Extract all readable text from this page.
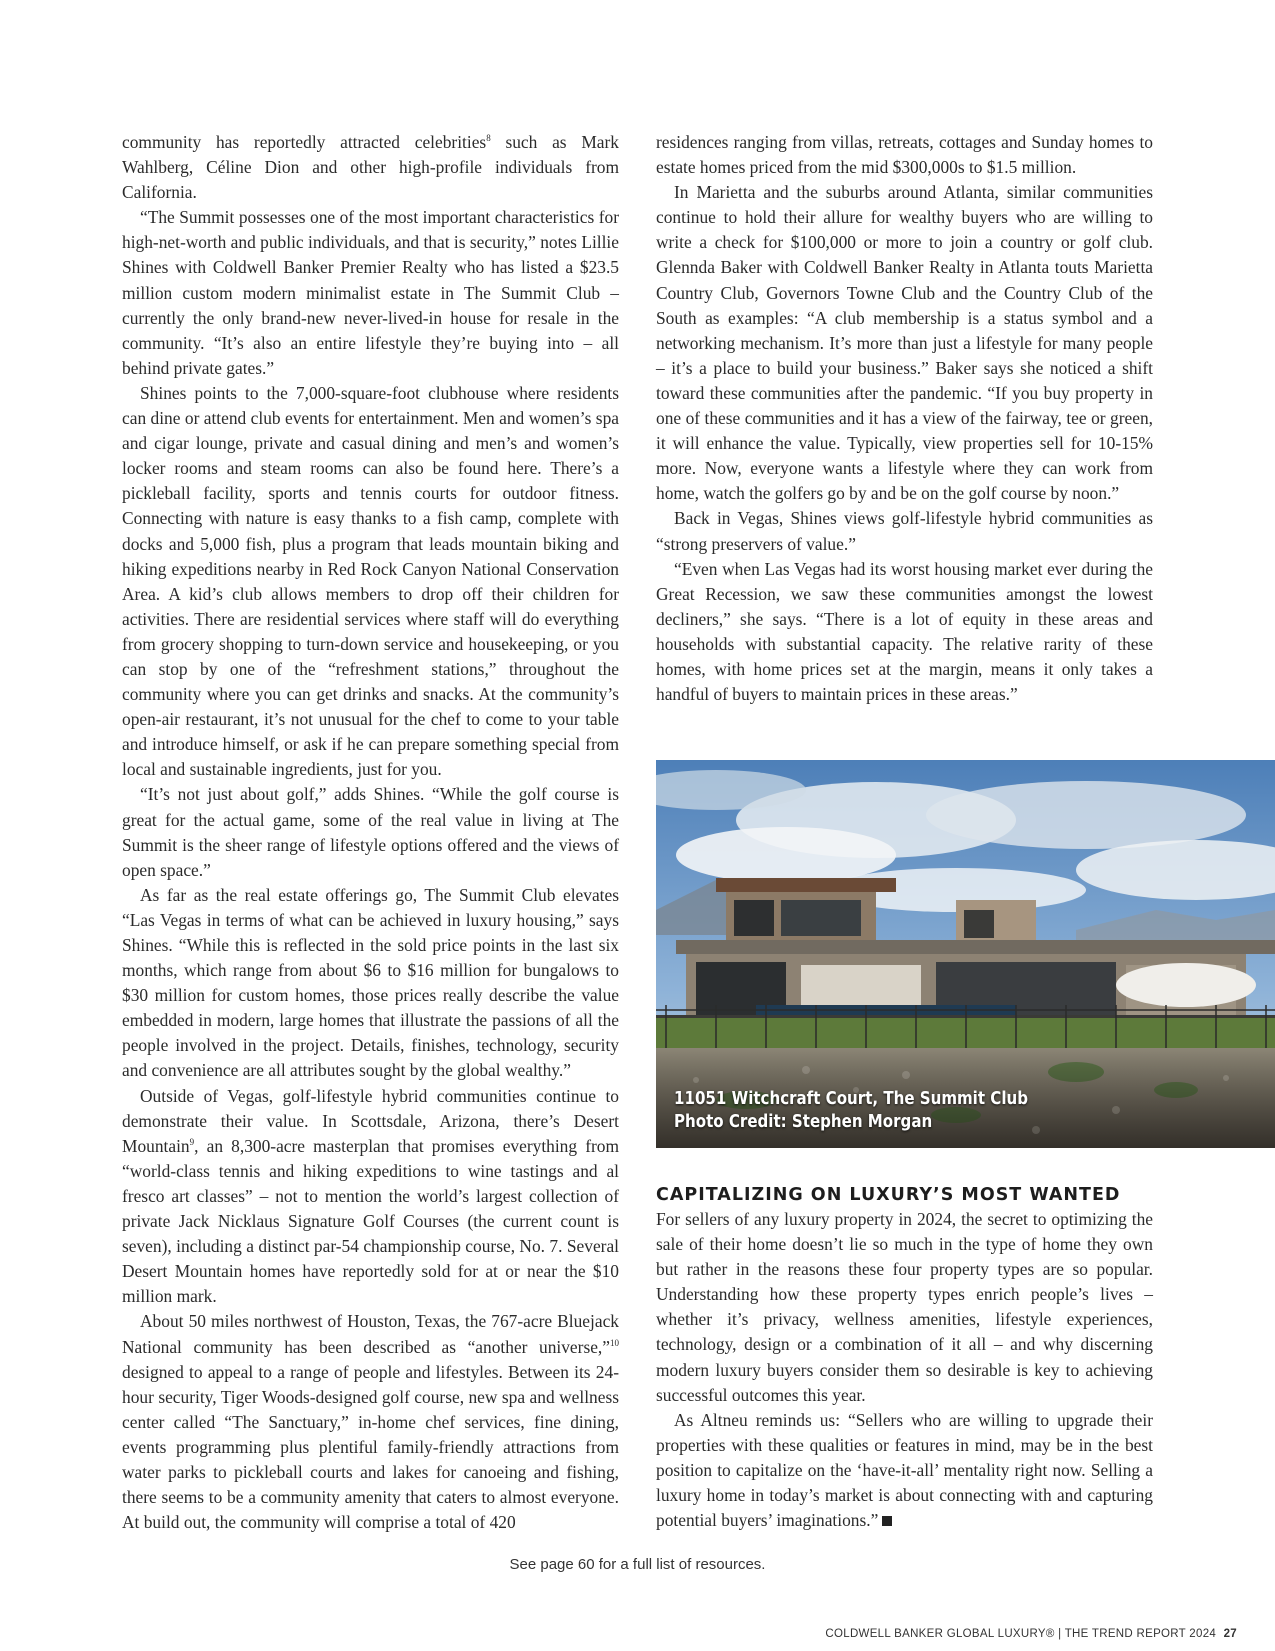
community has reportedly attracted celebrities$^8$ such as Mark Wahlberg, Céline Dion and other high-profile individuals from California.

“The Summit possesses one of the most important characteristics for high-net-worth and public individuals, and that is security,” notes Lillie Shines with Coldwell Banker Premier Realty who has listed a $23.5 million custom modern minimalist estate in The Summit Club – currently the only brand-new never-lived-in house for resale in the community. “It’s also an entire lifestyle they’re buying into – all behind private gates.”

Shines points to the 7,000-square-foot clubhouse where residents can dine or attend club events for entertainment. Men and women’s spa and cigar lounge, private and casual dining and men’s and women’s locker rooms and steam rooms can also be found here. There’s a pickleball facility, sports and tennis courts for outdoor fitness. Connecting with nature is easy thanks to a fish camp, complete with docks and 5,000 fish, plus a program that leads mountain biking and hiking expeditions nearby in Red Rock Canyon National Conservation Area. A kid’s club allows members to drop off their children for activities. There are residential services where staff will do everything from grocery shopping to turn-down service and housekeeping, or you can stop by one of the “refreshment stations,” throughout the community where you can get drinks and snacks. At the community’s open-air restaurant, it’s not unusual for the chef to come to your table and introduce himself, or ask if he can prepare something special from local and sustainable ingredients, just for you.

“It’s not just about golf,” adds Shines. “While the golf course is great for the actual game, some of the real value in living at The Summit is the sheer range of lifestyle options offered and the views of open space.”

As far as the real estate offerings go, The Summit Club elevates “Las Vegas in terms of what can be achieved in luxury housing,” says Shines. “While this is reflected in the sold price points in the last six months, which range from about $6 to $16 million for bungalows to $30 million for custom homes, those prices really describe the value embedded in modern, large homes that illustrate the passions of all the people involved in the project. Details, finishes, technology, security and convenience are all attributes sought by the global wealthy.”

Outside of Vegas, golf-lifestyle hybrid communities continue to demonstrate their value. In Scottsdale, Arizona, there’s Desert Mountain$^9$, an 8,300-acre masterplan that promises everything from “world-class tennis and hiking expeditions to wine tastings and al fresco art classes” – not to mention the world’s largest collection of private Jack Nicklaus Signature Golf Courses (the current count is seven), including a distinct par-54 championship course, No. 7. Several Desert Mountain homes have reportedly sold for at or near the $10 million mark.

About 50 miles northwest of Houston, Texas, the 767-acre Bluejack National community has been described as “another universe,”$^{10}$ designed to appeal to a range of people and lifestyles. Between its 24-hour security, Tiger Woods-designed golf course, new spa and wellness center called “The Sanctuary,” in-home chef services, fine dining, events programming plus plentiful family-friendly attractions from water parks to pickleball courts and lakes for canoeing and fishing, there seems to be a community amenity that caters to almost everyone. At build out, the community will comprise a total of 420

residences ranging from villas, retreats, cottages and Sunday homes to estate homes priced from the mid $300,000s to $1.5 million.

In Marietta and the suburbs around Atlanta, similar communities continue to hold their allure for wealthy buyers who are willing to write a check for $100,000 or more to join a country or golf club. Glennda Baker with Coldwell Banker Realty in Atlanta touts Marietta Country Club, Governors Towne Club and the Country Club of the South as examples: “A club membership is a status symbol and a networking mechanism. It’s more than just a lifestyle for many people – it’s a place to build your business.” Baker says she noticed a shift toward these communities after the pandemic. “If you buy property in one of these communities and it has a view of the fairway, tee or green, it will enhance the value. Typically, view properties sell for 10-15% more. Now, everyone wants a lifestyle where they can work from home, watch the golfers go by and be on the golf course by noon.”

Back in Vegas, Shines views golf-lifestyle hybrid communities as “strong preservers of value.”

“Even when Las Vegas had its worst housing market ever during the Great Recession, we saw these communities amongst the lowest decliners,” she says. “There is a lot of equity in these areas and households with substantial capacity. The relative rarity of these homes, with home prices set at the margin, means it only takes a handful of buyers to maintain prices in these areas.”

11051 Witchcraft Court, The Summit Club
Photo Credit: Stephen Morgan
CAPITALIZING ON LUXURY’S MOST WANTED

For sellers of any luxury property in 2024, the secret to optimizing the sale of their home doesn’t lie so much in the type of home they own but rather in the reasons these four property types are so popular. Understanding how these property types enrich people’s lives – whether it’s privacy, wellness amenities, lifestyle experiences, technology, design or a combination of it all – and why discerning modern luxury buyers consider them so desirable is key to achieving successful outcomes this year.

As Altneu reminds us: “Sellers who are willing to upgrade their properties with these qualities or features in mind, may be in the best position to capitalize on the ‘have-it-all’ mentality right now. Selling a luxury home in today’s market is about connecting with and capturing potential buyers’ imaginations.”

See page 60 for a full list of resources.
COLDWELL BANKER GLOBAL LUXURY® | THE TREND REPORT 2024 27
